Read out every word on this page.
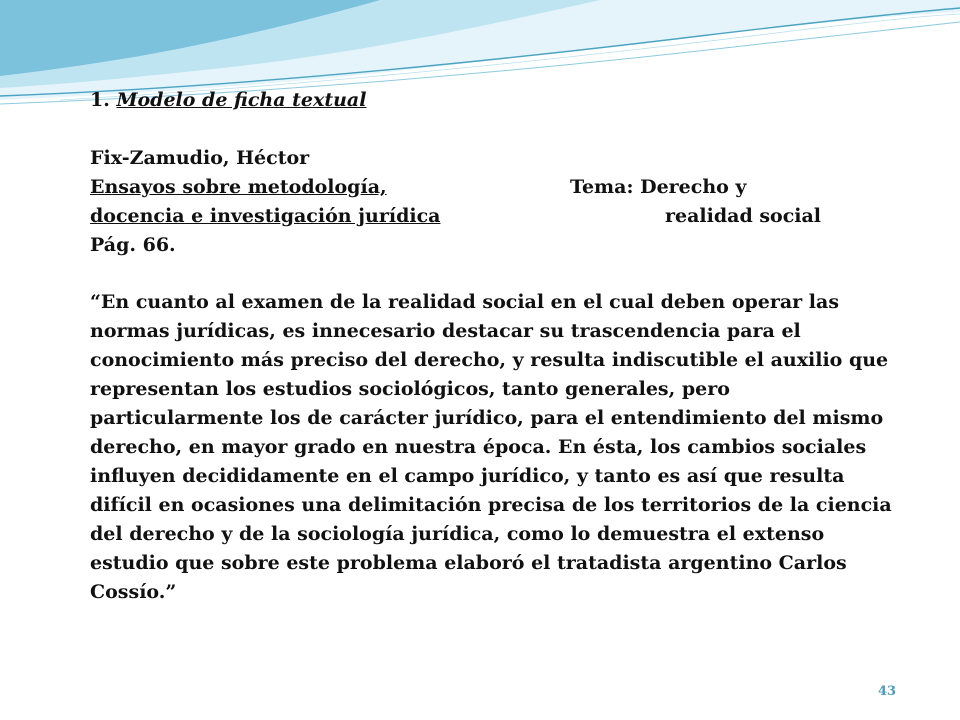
1. Modelo de ficha textual

Fix-Zamudio, Héctor

Ensayos sobre metodología,

docencia e investigación jurídica

Tema: Derecho y

realidad social

Pág. 66.

“En cuanto al examen de la realidad social en el cual deben operar las
normas jurídicas, es innecesario destacar su trascendencia para el
conocimiento más preciso del derecho, y resulta indiscutible el auxilio que
representan los estudios sociológicos, tanto generales, pero
particularmente los de carácter jurídico, para el entendimiento del mismo
derecho, en mayor grado en nuestra época. En ésta, los cambios sociales
influyen decididamente en el campo jurídico, y tanto es así que resulta
difícil en ocasiones una delimitación precisa de los territorios de la ciencia
del derecho y de la sociología jurídica, como lo demuestra el extenso
estudio que sobre este problema elaboró el tratadista argentino Carlos
Cossío.”

43
